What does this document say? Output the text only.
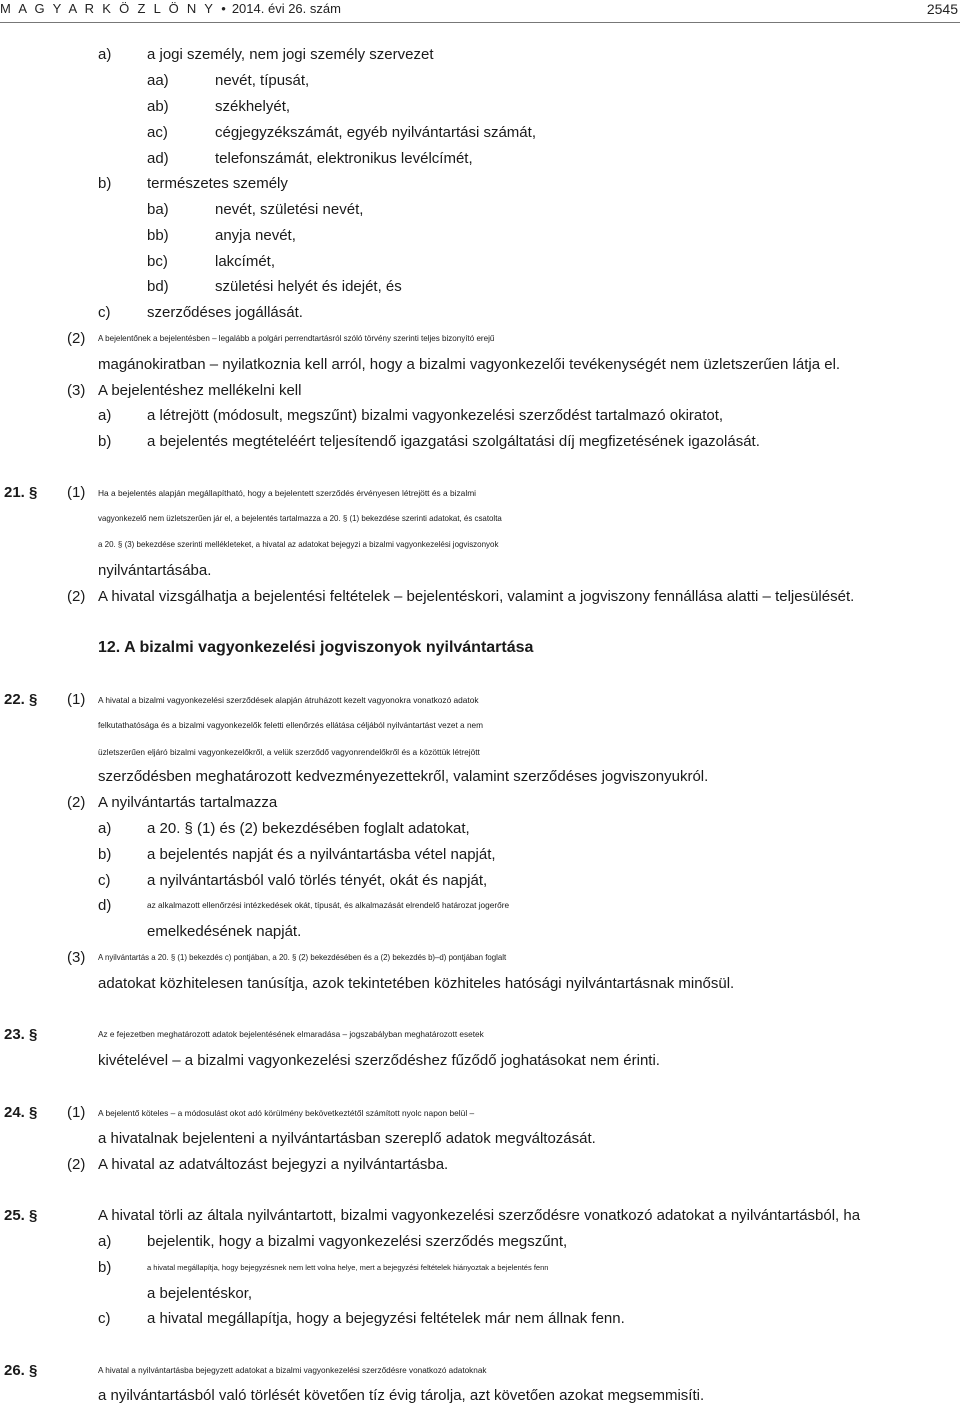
M A G Y A R K Ö Z L Ö N Y • 2014. évi 26. szám	2545
a) a jogi személy, nem jogi személy szervezet
aa)	nevét, típusát,
ab)	székhelyét,
ac)	cégjegyzékszámát, egyéb nyilvántartási számát,
ad)	telefonszámát, elektronikus levélcímét,
b) természetes személy
ba)	nevét, születési nevét,
bb)	anyja nevét,
bc)	lakcímét,
bd)	születési helyét és idejét, és
c) szerződéses jogállását.
(2) A bejelentőnek a bejelentésben – legalább a polgári perrendtartásról szóló törvény szerinti teljes bizonyító erejű
magánokiratban – nyilatkoznia kell arról, hogy a bizalmi vagyonkezelői tevékenységét nem üzletszerűen látja el.
(3) A bejelentéshez mellékelni kell
a) a létrejött (módosult, megszűnt) bizalmi vagyonkezelési szerződést tartalmazó okiratot,
b) a bejelentés megtételéért teljesítendő igazgatási szolgáltatási díj megfizetésének igazolását.
21. § (1) Ha a bejelentés alapján megállapítható, hogy a bejelentett szerződés érvényesen létrejött és a bizalmi
vagyonkezelő nem üzletszerűen jár el, a bejelentés tartalmazza a 20. § (1) bekezdése szerinti adatokat, és csatolta
a 20. § (3) bekezdése szerinti mellékleteket, a hivatal az adatokat bejegyzi a bizalmi vagyonkezelési jogviszonyok
nyilvántartásába.
(2) A hivatal vizsgálhatja a bejelentési feltételek – bejelentéskori, valamint a jogviszony fennállása alatti – teljesülését.
12. A bizalmi vagyonkezelési jogviszonyok nyilvántartása
22. § (1) A hivatal a bizalmi vagyonkezelési szerződések alapján átruházott kezelt vagyonokra vonatkozó adatok
felkutathatósága és a bizalmi vagyonkezelők feletti ellenőrzés ellátása céljából nyilvántartást vezet a nem
üzletszerűen eljáró bizalmi vagyonkezelőkről, a velük szerződő vagyonrendelőkről és a közöttük létrejött
szerződésben meghatározott kedvezményezettekről, valamint szerződéses jogviszonyukról.
(2) A nyilvántartás tartalmazza
a) a 20. § (1) és (2) bekezdésében foglalt adatokat,
b) a bejelentés napját és a nyilvántartásba vétel napját,
c) a nyilvántartásból való törlés tényét, okát és napját,
d)	az alkalmazott ellenőrzési intézkedések okát, típusát, és alkalmazását elrendelő határozat jogerőre
emelkedésének napját.
(3) A nyilvántartás a 20. § (1) bekezdés c) pontjában, a 20. § (2) bekezdésében és a (2) bekezdés b)–d) pontjában foglalt
adatokat közhitelesen tanúsítja, azok tekintetében közhiteles hatósági nyilvántartásnak minősül.
23. §	Az e fejezetben meghatározott adatok bejelentésének elmaradása – jogszabályban meghatározott esetek
kivételével – a bizalmi vagyonkezelési szerződéshez fűződő joghatásokat nem érinti.
24. § (1) A bejelentő köteles – a módosulást okot adó körülmény bekövetkeztétől számított nyolc napon belül –
a hivatalnak bejelenteni a nyilvántartásban szereplő adatok megváltozását.
(2) A hivatal az adatváltozást bejegyzi a nyilvántartásba.
25. §	A hivatal törli az általa nyilvántartott, bizalmi vagyonkezelési szerződésre vonatkozó adatokat a nyilvántartásból, ha
a) bejelentik, hogy a bizalmi vagyonkezelési szerződés megszűnt,
b)	a hivatal megállapítja, hogy bejegyzésnek nem lett volna helye, mert a bejegyzési feltételek hiányoztak a bejelentés fenn
a bejelentéskor,
c) a hivatal megállapítja, hogy a bejegyzési feltételek már nem állnak fenn.
26. §	A hivatal a nyilvántartásba bejegyzett adatokat a bizalmi vagyonkezelési szerződésre vonatkozó adatoknak
a nyilvántartásból való törlését követően tíz évig tárolja, azt követően azokat megsemmisíti.
